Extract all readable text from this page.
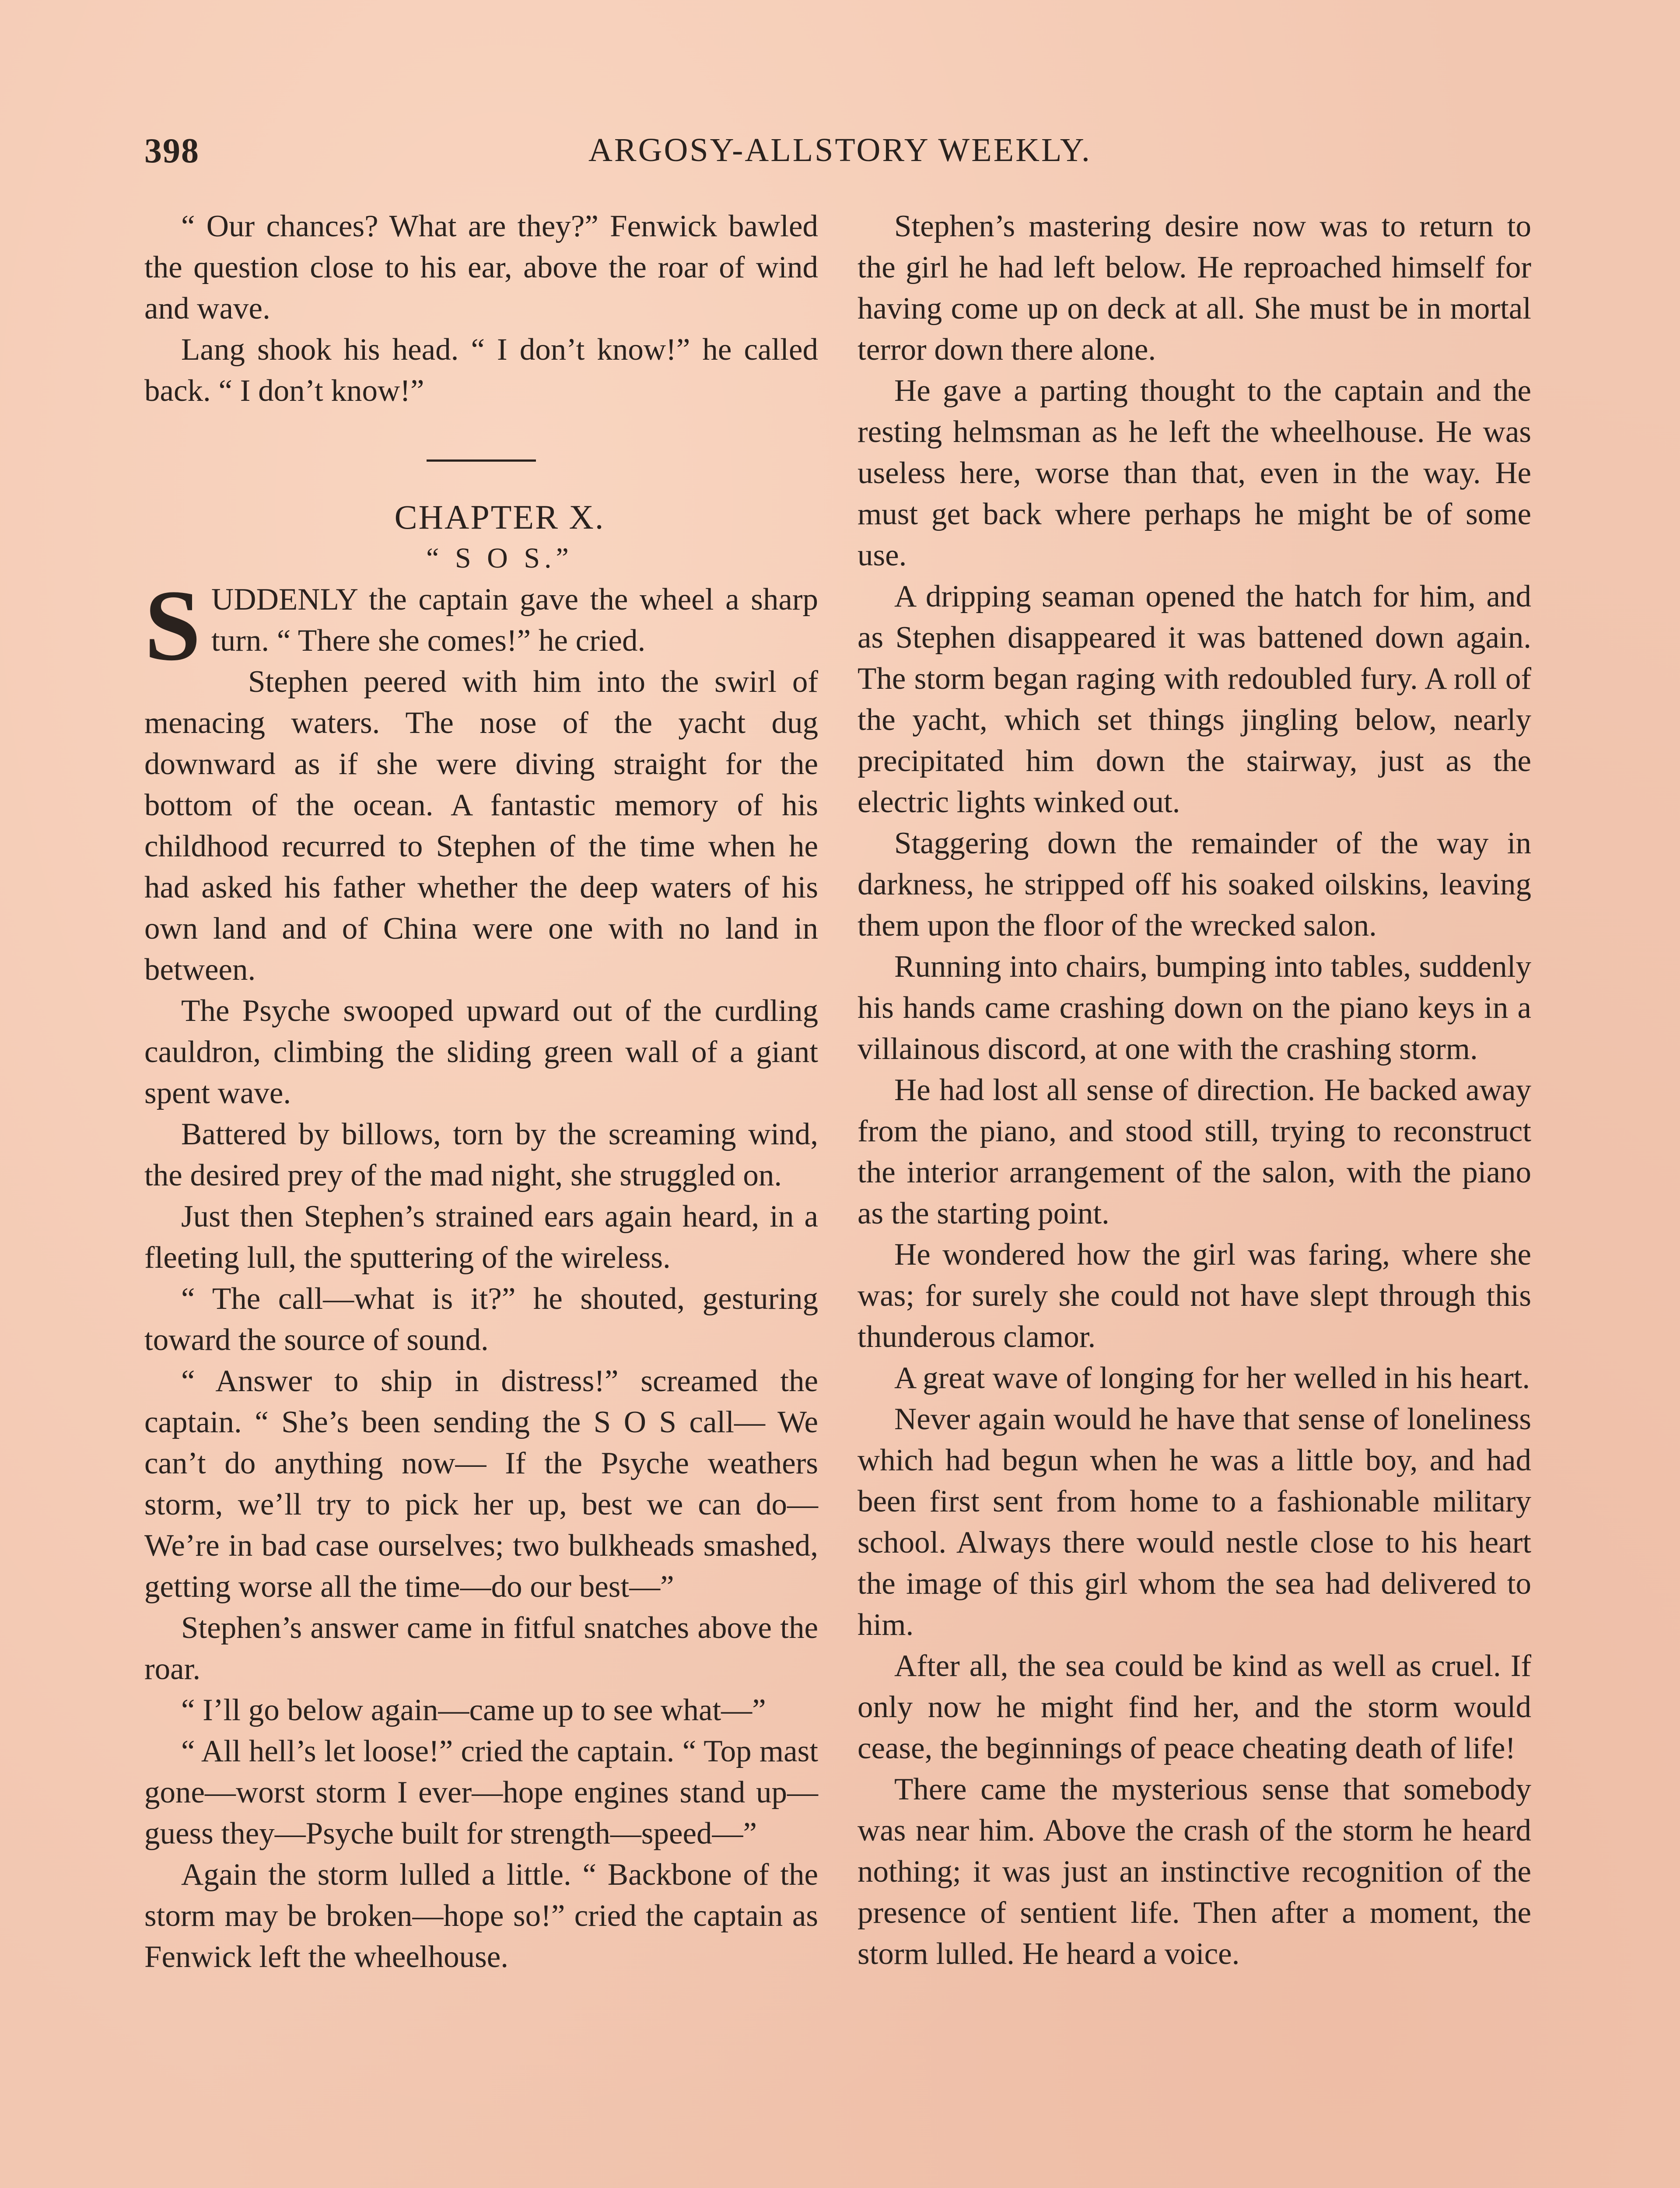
398	ARGOSY-ALLSTORY WEEKLY.

“ Our chances? What are they?” Fenwick bawled the question close to his ear, above the roar of wind and wave.

Lang shook his head. “ I don’t know!” he called back. “ I don’t know!”

CHAPTER X.

“ S O S.”

SUDDENLY the captain gave the wheel a sharp turn. “ There she comes!” he cried.

Stephen peered with him into the swirl of menacing waters. The nose of the yacht dug downward as if she were diving straight for the bottom of the ocean. A fantastic memory of his childhood recurred to Stephen of the time when he had asked his father whether the deep waters of his own land and of China were one with no land in between.

The Psyche swooped upward out of the curdling cauldron, climbing the sliding green wall of a giant spent wave.

Battered by billows, torn by the screaming wind, the desired prey of the mad night, she struggled on.

Just then Stephen’s strained ears again heard, in a fleeting lull, the sputtering of the wireless.

“ The call—what is it?” he shouted, gesturing toward the source of sound.

“ Answer to ship in distress!” screamed the captain. “ She’s been sending the S O S call— We can’t do anything now— If the Psyche weathers storm, we’ll try to pick her up, best we can do— We’re in bad case ourselves; two bulkheads smashed, getting worse all the time—do our best—”

Stephen’s answer came in fitful snatches above the roar.

“ I’ll go below again—came up to see what—”

“ All hell’s let loose!” cried the captain. “ Top mast gone—worst storm I ever—hope engines stand up—guess they—Psyche built for strength—speed—”

Again the storm lulled a little. “ Backbone of the storm may be broken—hope so!” cried the captain as Fenwick left the wheelhouse.

Stephen’s mastering desire now was to return to the girl he had left below. He reproached himself for having come up on deck at all. She must be in mortal terror down there alone.

He gave a parting thought to the captain and the resting helmsman as he left the wheelhouse. He was useless here, worse than that, even in the way. He must get back where perhaps he might be of some use.

A dripping seaman opened the hatch for him, and as Stephen disappeared it was battened down again. The storm began raging with redoubled fury. A roll of the yacht, which set things jingling below, nearly precipitated him down the stairway, just as the electric lights winked out.

Staggering down the remainder of the way in darkness, he stripped off his soaked oilskins, leaving them upon the floor of the wrecked salon.

Running into chairs, bumping into tables, suddenly his hands came crashing down on the piano keys in a villainous discord, at one with the crashing storm.

He had lost all sense of direction. He backed away from the piano, and stood still, trying to reconstruct the interior arrangement of the salon, with the piano as the starting point.

He wondered how the girl was faring, where she was; for surely she could not have slept through this thunderous clamor.

A great wave of longing for her welled in his heart.

Never again would he have that sense of loneliness which had begun when he was a little boy, and had been first sent from home to a fashionable military school. Always there would nestle close to his heart the image of this girl whom the sea had delivered to him.

After all, the sea could be kind as well as cruel. If only now he might find her, and the storm would cease, the beginnings of peace cheating death of life!

There came the mysterious sense that somebody was near him. Above the crash of the storm he heard nothing; it was just an instinctive recognition of the presence of sentient life. Then after a moment, the storm lulled. He heard a voice.
